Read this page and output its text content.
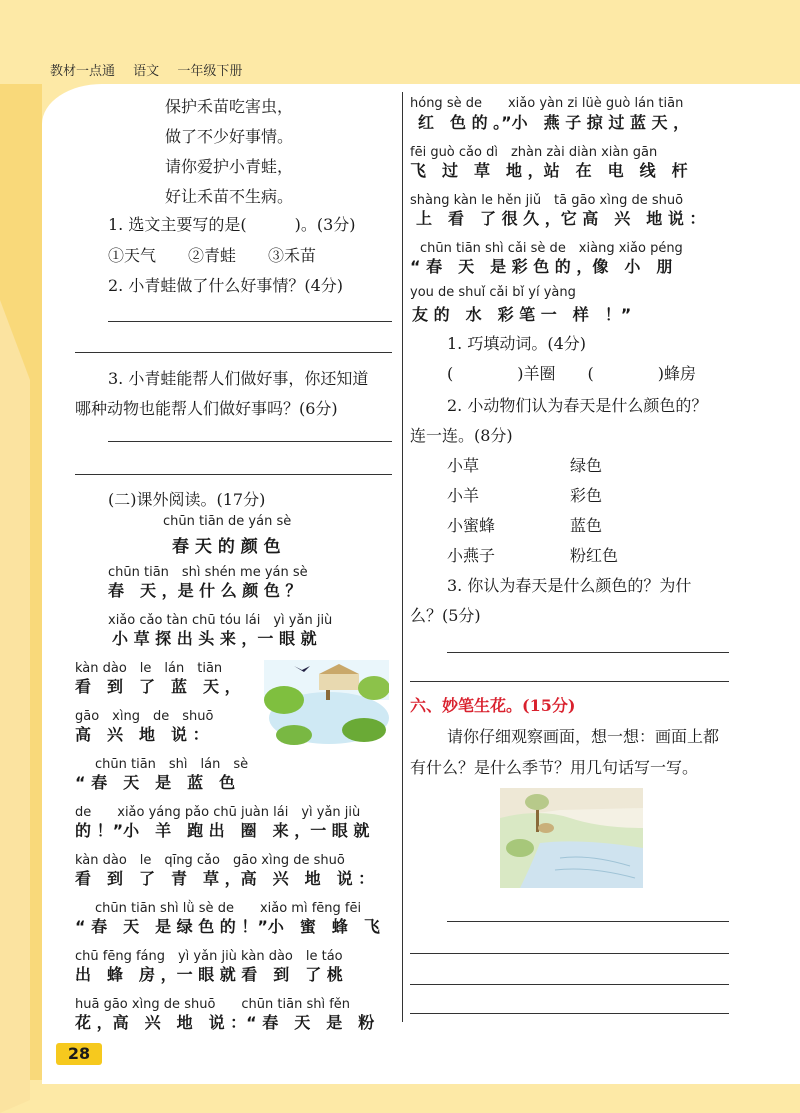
教材一点通 语文 一年级下册
保护禾苗吃害虫，
做了不少好事情。
请你爱护小青蛙，
好让禾苗不生病。
1. 选文主要写的是(　　　)。(3分)
①天气　　②青蛙　　③禾苗
2. 小青蛙做了什么好事情？(4分)
3. 小青蛙能帮人们做好事，你还知道
哪种动物也能帮人们做好事吗？(6分)
(二)课外阅读。(17分)
chūn tiān de yán sè
春 天 的 颜 色
chūn tiān　shì shén me yán sè
春　天 ，是 什 么 颜 色 ？
xiǎo cǎo tàn chū tóu lái　yì yǎn jiù
小 草 探 出 头 来 ，一 眼 就
kàn dào　le　lán　tiān
看　到　了　蓝　天 ，
gāo　xìng　de　shuō
高　兴　地　说 ：
chūn tiān　shì　lán　sè
“ 春　天　是　蓝　色
de　　xiǎo yáng pǎo chū juàn lái　yì yǎn jiù
的 ！”小　羊　跑 出　圈　来 ，一 眼 就
kàn dào　le　qīng cǎo　gāo xìng de shuō
看　到　了　青　草 ，高　兴　地　说 ：
chūn tiān shì lǜ sè de　　xiǎo mì fēng fēi
“ 春　天　是 绿 色 的 ！”小　蜜　蜂　飞
chū fēng fáng　yì yǎn jiù kàn dào　le táo
出　蜂　房 ，一 眼 就 看　到　了 桃
huā gāo xìng de shuō　　chūn tiān shì fěn
花 ，高　兴　地　说 ：“ 春　天　是　粉
hóng sè de　　xiǎo yàn zi lüè guò lán tiān
红　色 的 。”小　燕 子 掠 过 蓝 天 ，
fēi guò cǎo dì　zhàn zài diàn xiàn gān
飞　过　草　地 ，站　在　电　线　杆
shàng kàn le hěn jiǔ　tā gāo xìng de shuō
上　看　了 很 久 ，它 高　兴　地 说 ：
chūn tiān shì cǎi sè de　xiàng xiǎo péng
“ 春　天　是 彩 色 的 ，像　小　朋
you de shuǐ cǎi bǐ yí yàng
友 的　水　彩 笔 一　样　！”
1. 巧填动词。(4分)
(　　　　)羊圈　　(　　　　)蜂房
2. 小动物们认为春天是什么颜色的？
连一连。(8分)
小草
小羊
小蜜蜂
小燕子
绿色
彩色
蓝色
粉红色
3. 你认为春天是什么颜色的？为什
么？(5分)
六、妙笔生花。(15分)
请你仔细观察画面，想一想：画面上都
有什么？是什么季节？用几句话写一写。
28
